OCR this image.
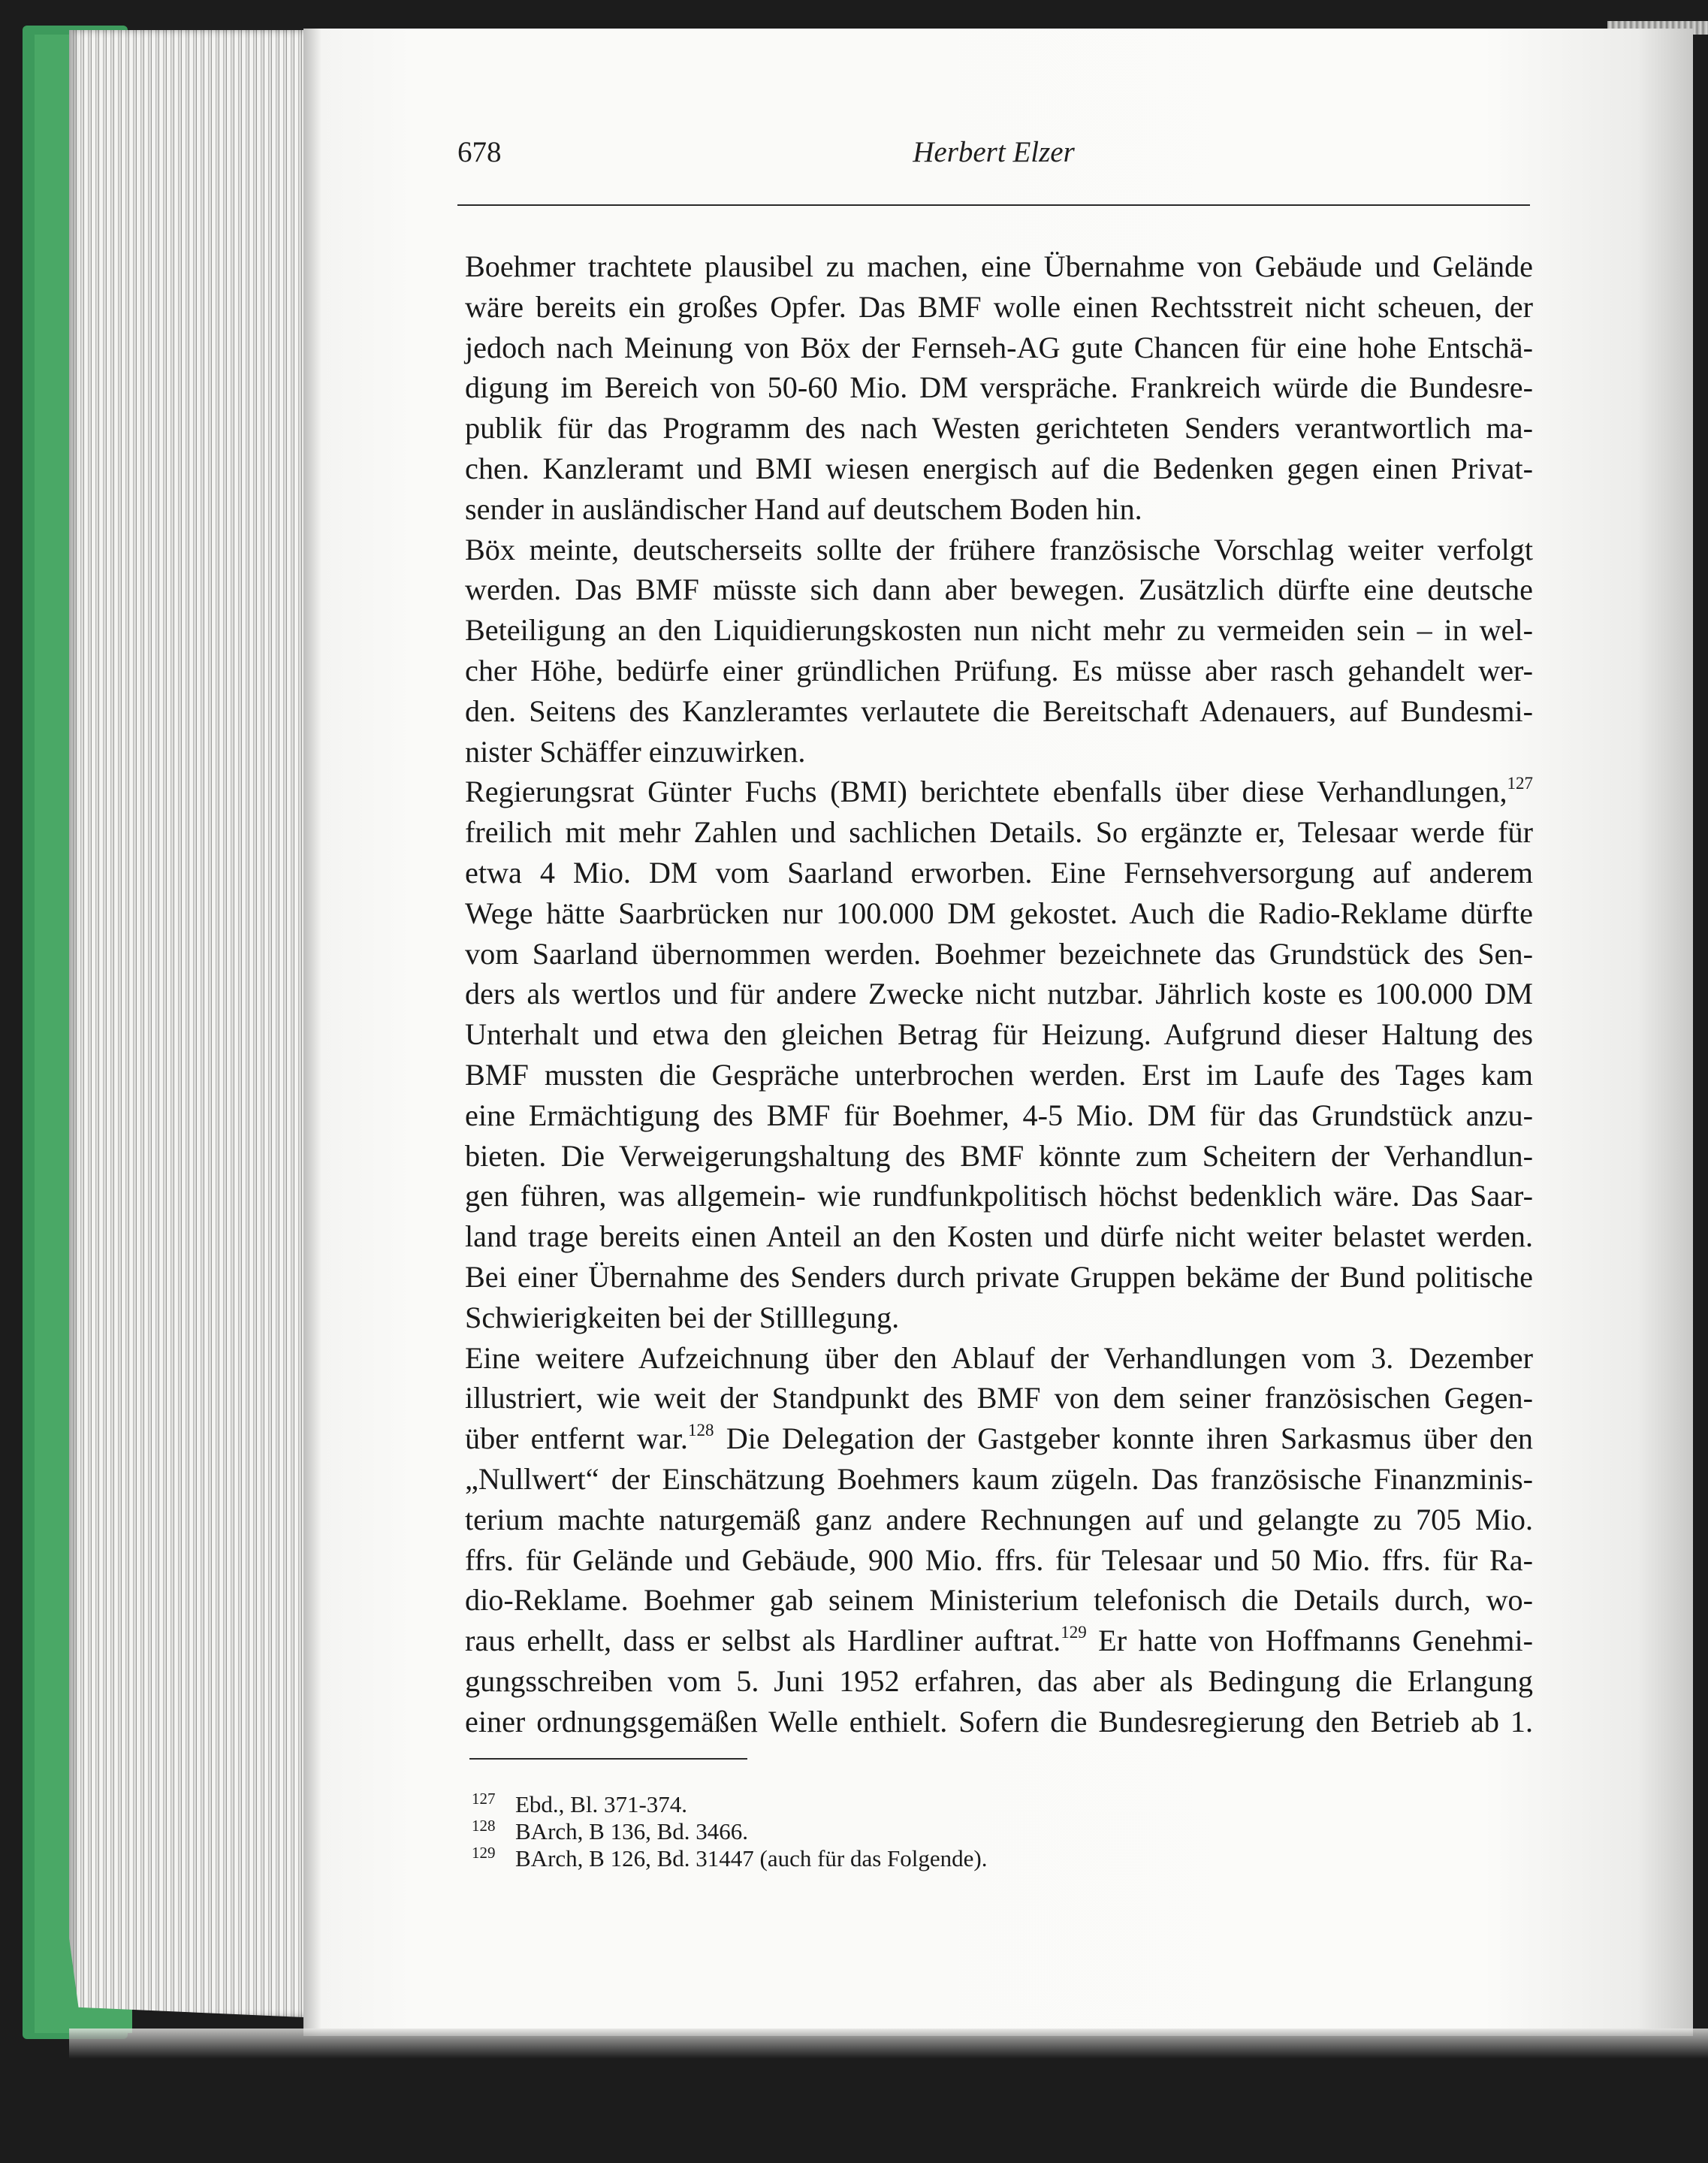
678	Herbert Elzer
Boehmer trachtete plausibel zu machen, eine Übernahme von Gebäude und Gelände
wäre bereits ein großes Opfer. Das BMF wolle einen Rechtsstreit nicht scheuen, der
jedoch nach Meinung von Böx der Fernseh-AG gute Chancen für eine hohe Entschä-
digung im Bereich von 50-60 Mio. DM verspräche. Frankreich würde die Bundesre-
publik für das Programm des nach Westen gerichteten Senders verantwortlich ma-
chen. Kanzleramt und BMI wiesen energisch auf die Bedenken gegen einen Privat-
sender in ausländischer Hand auf deutschem Boden hin.
Böx meinte, deutscherseits sollte der frühere französische Vorschlag weiter verfolgt
werden. Das BMF müsste sich dann aber bewegen. Zusätzlich dürfte eine deutsche
Beteiligung an den Liquidierungskosten nun nicht mehr zu vermeiden sein – in wel-
cher Höhe, bedürfe einer gründlichen Prüfung. Es müsse aber rasch gehandelt wer-
den. Seitens des Kanzleramtes verlautete die Bereitschaft Adenauers, auf Bundesmi-
nister Schäffer einzuwirken.
Regierungsrat Günter Fuchs (BMI) berichtete ebenfalls über diese Verhandlungen,$^{127}$
freilich mit mehr Zahlen und sachlichen Details. So ergänzte er, Telesaar werde für
etwa 4 Mio. DM vom Saarland erworben. Eine Fernsehversorgung auf anderem
Wege hätte Saarbrücken nur 100.000 DM gekostet. Auch die Radio-Reklame dürfte
vom Saarland übernommen werden. Boehmer bezeichnete das Grundstück des Sen-
ders als wertlos und für andere Zwecke nicht nutzbar. Jährlich koste es 100.000 DM
Unterhalt und etwa den gleichen Betrag für Heizung. Aufgrund dieser Haltung des
BMF mussten die Gespräche unterbrochen werden. Erst im Laufe des Tages kam
eine Ermächtigung des BMF für Boehmer, 4-5 Mio. DM für das Grundstück anzu-
bieten. Die Verweigerungshaltung des BMF könnte zum Scheitern der Verhandlun-
gen führen, was allgemein- wie rundfunkpolitisch höchst bedenklich wäre. Das Saar-
land trage bereits einen Anteil an den Kosten und dürfe nicht weiter belastet werden.
Bei einer Übernahme des Senders durch private Gruppen bekäme der Bund politische
Schwierigkeiten bei der Stilllegung.
Eine weitere Aufzeichnung über den Ablauf der Verhandlungen vom 3. Dezember
illustriert, wie weit der Standpunkt des BMF von dem seiner französischen Gegen-
über entfernt war.$^{128}$ Die Delegation der Gastgeber konnte ihren Sarkasmus über den
„Nullwert“ der Einschätzung Boehmers kaum zügeln. Das französische Finanzminis-
terium machte naturgemäß ganz andere Rechnungen auf und gelangte zu 705 Mio.
ffrs. für Gelände und Gebäude, 900 Mio. ffrs. für Telesaar und 50 Mio. ffrs. für Ra-
dio-Reklame. Boehmer gab seinem Ministerium telefonisch die Details durch, wo-
raus erhellt, dass er selbst als Hardliner auftrat.$^{129}$ Er hatte von Hoffmanns Genehmi-
gungsschreiben vom 5. Juni 1952 erfahren, das aber als Bedingung die Erlangung
einer ordnungsgemäßen Welle enthielt. Sofern die Bundesregierung den Betrieb ab 1.
127 Ebd., Bl. 371-374.
128 BArch, B 136, Bd. 3466.
129 BArch, B 126, Bd. 31447 (auch für das Folgende).
